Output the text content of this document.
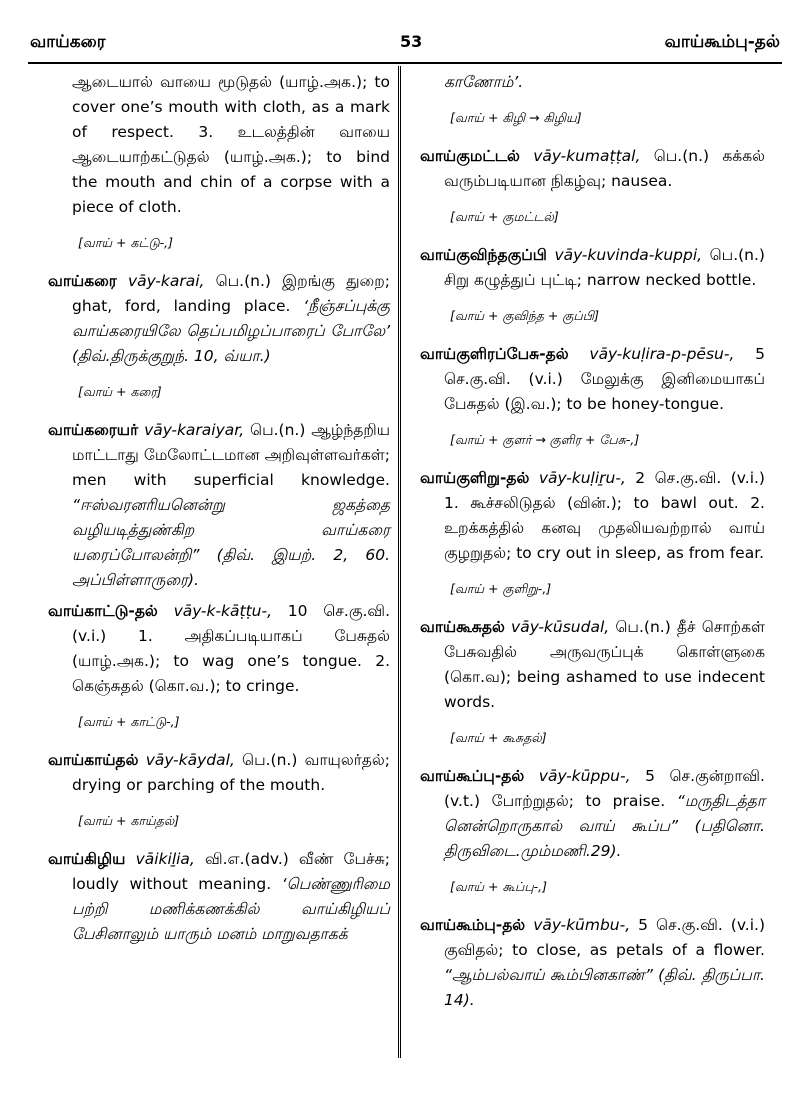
வாய்கரை	53	வாய்கூம்பு-தல்

ஆடையால் வாயை மூடுதல் (யாழ்.அக.); to cover one’s mouth with cloth, as a mark of respect. 3. உடலத்தின் வாயை ஆடையாற்கட்டுதல் (யாழ்.அக.); to bind the mouth and chin of a corpse with a piece of cloth.

[வாய் + கட்டு-,]

வாய்கரை vāy-karai, பெ.(n.) இறங்கு துறை; ghat, ford, landing place. ‘நீஞ்சப்புக்கு வாய்கரையிலே தெப்பமிழப்பாரைப் போலே’ (திவ்.திருக்குறுந். 10, வ்யா.)

[வாய் + கரை]

வாய்கரையர் vāy-karaiyar, பெ.(n.) ஆழ்ந்தறிய மாட்டாது மேலோட்டமான அறிவுள்ளவர்கள்; men with superficial knowledge. “ஈஸ்வரனரியனென்று ஜகத்தை வழியடித்துண்கிற வாய்கரை யரைப்போலன்றி” (திவ். இயற். 2, 60. அப்பிள்ளாருரை).

வாய்காட்டு-தல் vāy-k-kāṭṭu-, 10 செ.கு.வி. (v.i.) 1. அதிகப்படியாகப் பேசுதல் (யாழ்.அக.); to wag one’s tongue. 2. கெஞ்சுதல் (கொ.வ.); to cringe.

[வாய் + காட்டு-,]

வாய்காய்தல் vāy-kāydal, பெ.(n.) வாயுலர்தல்; drying or parching of the mouth.

[வாய் + காய்தல்]

வாய்கிழிய vāikiḻia, வி.எ.(adv.) வீண் பேச்சு; loudly without meaning. ‘பெண்ணுரிமை பற்றி மணிக்கணக்கில் வாய்கிழியப் பேசினாலும் யாரும் மனம் மாறுவதாகக்

காணோம்’.

[வாய் + கிழி → கிழிய]

வாய்குமட்டல் vāy-kumaṭṭal, பெ.(n.) கக்கல் வரும்படியான நிகழ்வு; nausea.

[வாய் + குமட்டல்]

வாய்குவிந்தகுப்பி vāy-kuvinda-kuppi, பெ.(n.) சிறு கழுத்துப் புட்டி; narrow necked bottle.

[வாய் + குவிந்த + குப்பி]

வாய்குளிரப்பேசு-தல் vāy-kuḷira-p-pēsu-, 5 செ.கு.வி. (v.i.) மேலுக்கு இனிமையாகப் பேசுதல் (இ.வ.); to be honey-tongue.

[வாய் + குளர் → குளிர + பேசு-,]

வாய்குளிறு-தல் vāy-kuḷiṟu-, 2 செ.கு.வி. (v.i.) 1. கூச்சலிடுதல் (வின்.); to bawl out. 2. உறக்கத்தில் கனவு முதலியவற்றால் வாய் குழறுதல்; to cry out in sleep, as from fear.

[வாய் + குளிறு-,]

வாய்கூசுதல் vāy-kūsudal, பெ.(n.) தீச் சொற்கள் பேசுவதில் அருவருப்புக் கொள்ளுகை (கொ.வ); being ashamed to use indecent words.

[வாய் + கூசுதல்]

வாய்கூப்பு-தல் vāy-kūppu-, 5 செ.குன்றாவி. (v.t.) போற்றுதல்; to praise. “மருதிடத்தா னென்றொருகால் வாய் கூப்ப” (பதினொ. திருவிடை.மும்மணி.29).

[வாய் + கூப்பு-,]

வாய்கூம்பு-தல் vāy-kūmbu-, 5 செ.கு.வி. (v.i.) குவிதல்; to close, as petals of a flower. “ஆம்பல்வாய் கூம்பினகாண்” (திவ். திருப்பா. 14).
